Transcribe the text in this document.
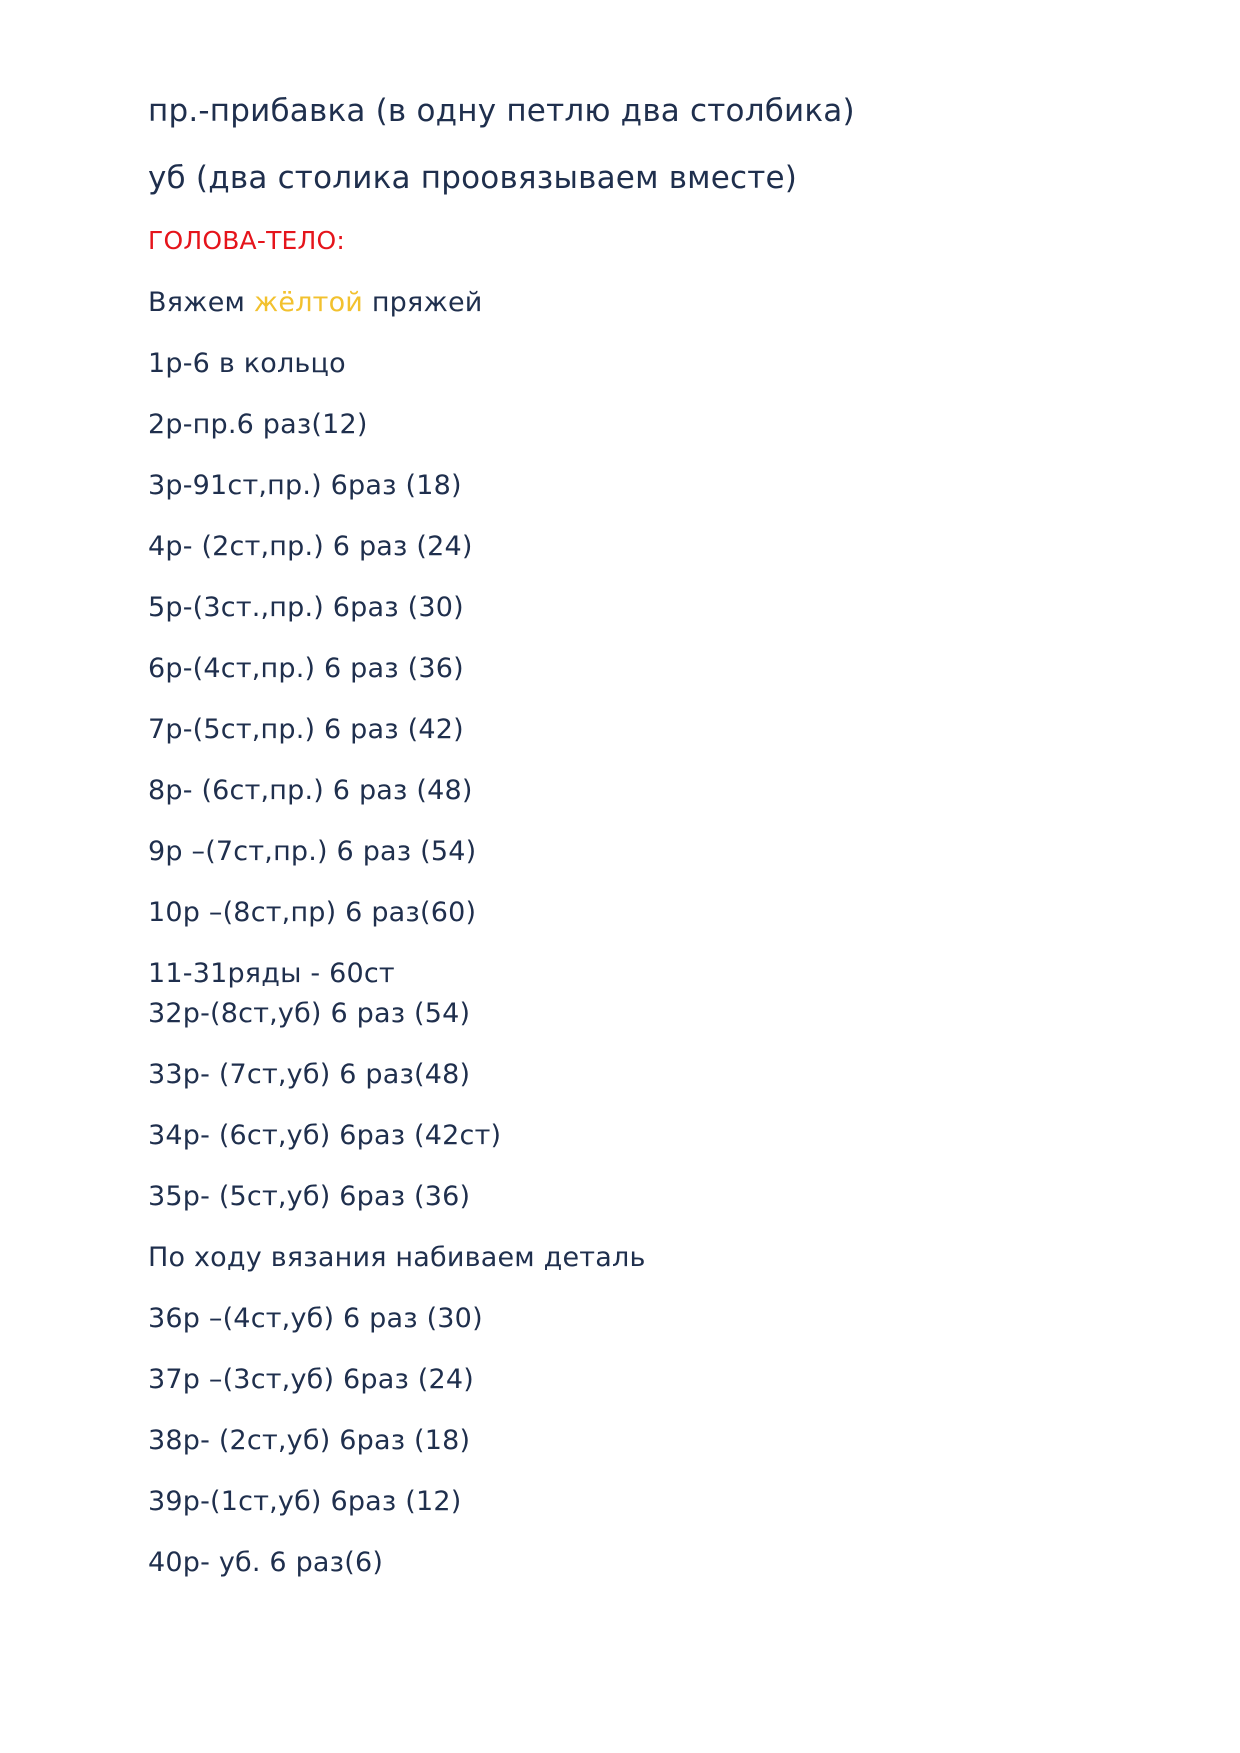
пр.-прибавка (в одну петлю два столбика)
уб (два столика проовязываем вместе)
ГОЛОВА-ТЕЛО:
Вяжем жёлтой пряжей
1р-6 в кольцо
2р-пр.6 раз(12)
3р-91ст,пр.) 6раз (18)
4р- (2ст,пр.) 6 раз (24)
5р-(3ст.,пр.) 6раз (30)
6р-(4ст,пр.) 6 раз (36)
7р-(5ст,пр.) 6 раз (42)
8р- (6ст,пр.) 6 раз (48)
9р –(7ст,пр.) 6 раз (54)
10р –(8ст,пр) 6 раз(60)
11-31ряды - 60ст
32р-(8ст,уб) 6 раз (54)
33р- (7ст,уб) 6 раз(48)
34р- (6ст,уб) 6раз (42ст)
35р- (5ст,уб) 6раз (36)
По ходу вязания набиваем деталь
36р –(4ст,уб) 6 раз (30)
37р –(3ст,уб) 6раз (24)
38р- (2ст,уб) 6раз (18)
39р-(1ст,уб) 6раз (12)
40р- уб. 6 раз(6)
